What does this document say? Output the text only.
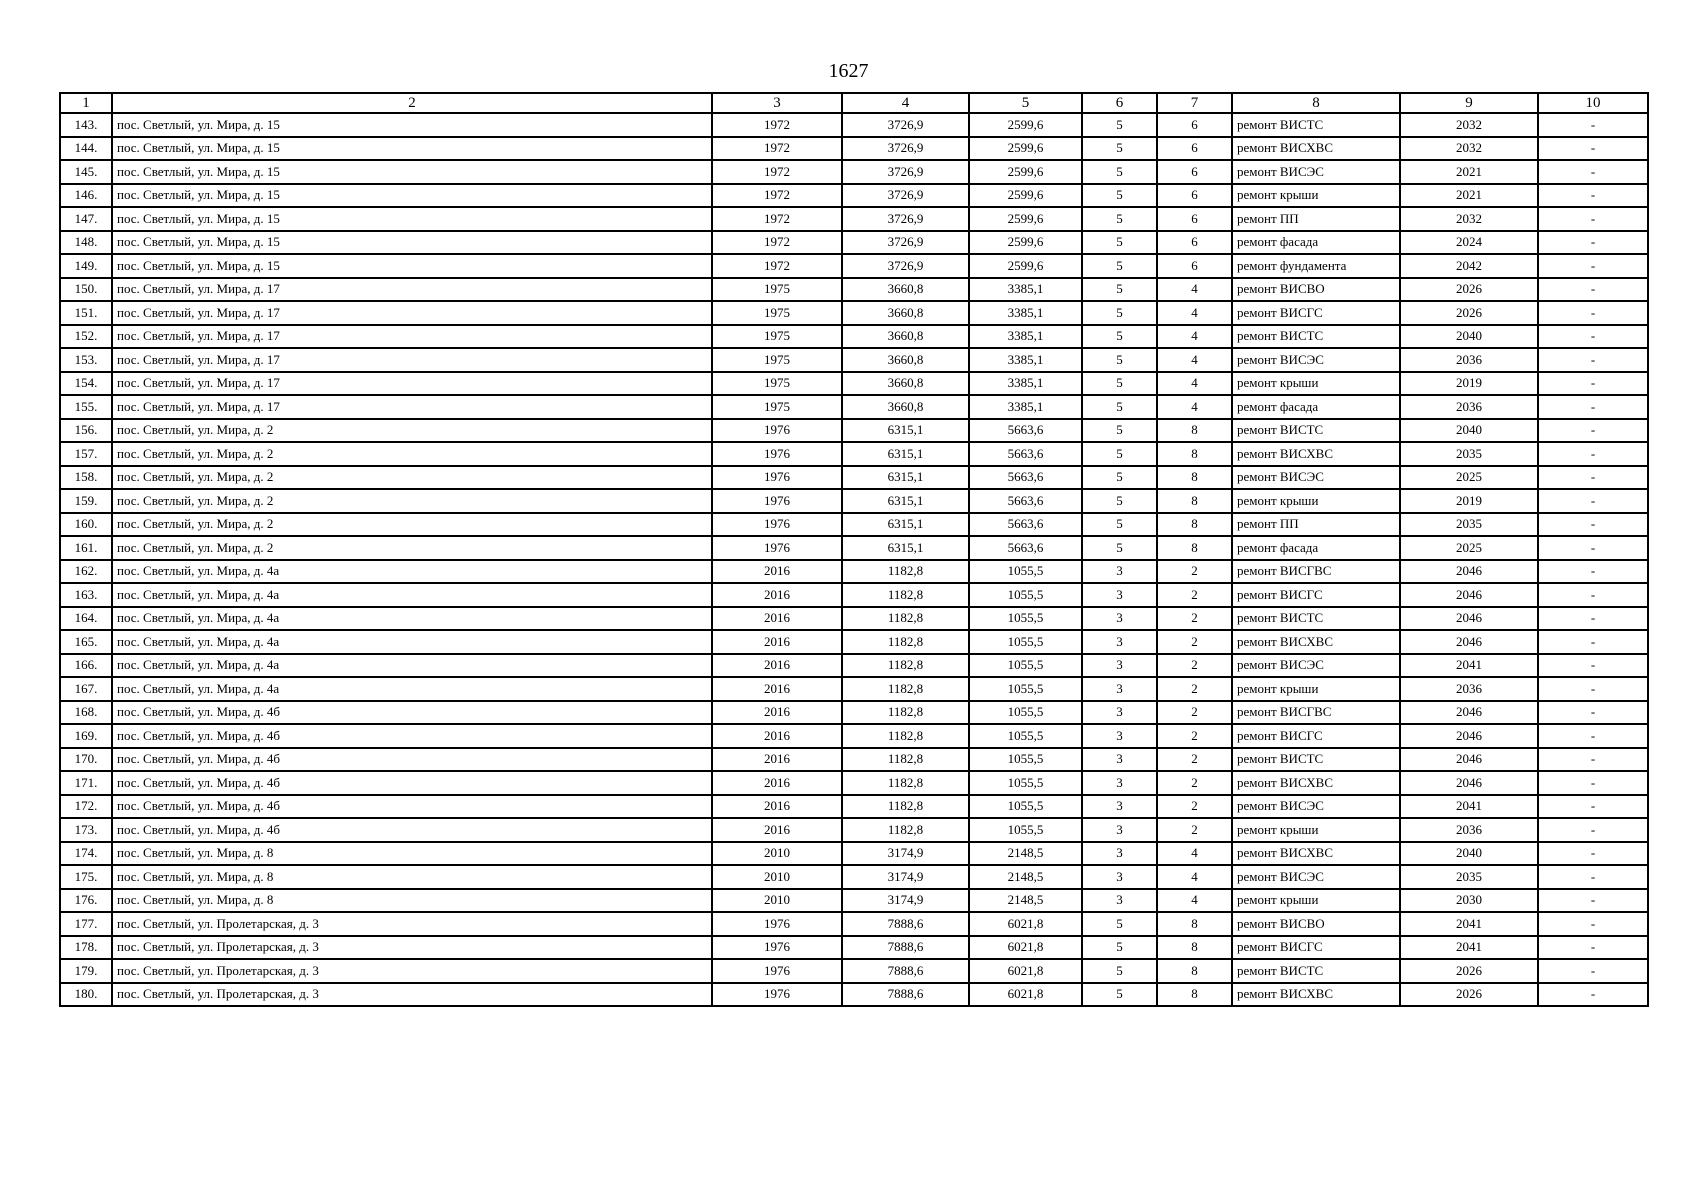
1627
1	2	3	4	5	6	7	8	9	10
143.	пос. Светлый, ул. Мира, д. 15	1972	3726,9	2599,6	5	6	ремонт ВИСТС	2032	-
144.	пос. Светлый, ул. Мира, д. 15	1972	3726,9	2599,6	5	6	ремонт ВИСХВС	2032	-
145.	пос. Светлый, ул. Мира, д. 15	1972	3726,9	2599,6	5	6	ремонт ВИСЭС	2021	-
146.	пос. Светлый, ул. Мира, д. 15	1972	3726,9	2599,6	5	6	ремонт крыши	2021	-
147.	пос. Светлый, ул. Мира, д. 15	1972	3726,9	2599,6	5	6	ремонт ПП	2032	-
148.	пос. Светлый, ул. Мира, д. 15	1972	3726,9	2599,6	5	6	ремонт фасада	2024	-
149.	пос. Светлый, ул. Мира, д. 15	1972	3726,9	2599,6	5	6	ремонт фундамента	2042	-
150.	пос. Светлый, ул. Мира, д. 17	1975	3660,8	3385,1	5	4	ремонт ВИСВО	2026	-
151.	пос. Светлый, ул. Мира, д. 17	1975	3660,8	3385,1	5	4	ремонт ВИСГС	2026	-
152.	пос. Светлый, ул. Мира, д. 17	1975	3660,8	3385,1	5	4	ремонт ВИСТС	2040	-
153.	пос. Светлый, ул. Мира, д. 17	1975	3660,8	3385,1	5	4	ремонт ВИСЭС	2036	-
154.	пос. Светлый, ул. Мира, д. 17	1975	3660,8	3385,1	5	4	ремонт крыши	2019	-
155.	пос. Светлый, ул. Мира, д. 17	1975	3660,8	3385,1	5	4	ремонт фасада	2036	-
156.	пос. Светлый, ул. Мира, д. 2	1976	6315,1	5663,6	5	8	ремонт ВИСТС	2040	-
157.	пос. Светлый, ул. Мира, д. 2	1976	6315,1	5663,6	5	8	ремонт ВИСХВС	2035	-
158.	пос. Светлый, ул. Мира, д. 2	1976	6315,1	5663,6	5	8	ремонт ВИСЭС	2025	-
159.	пос. Светлый, ул. Мира, д. 2	1976	6315,1	5663,6	5	8	ремонт крыши	2019	-
160.	пос. Светлый, ул. Мира, д. 2	1976	6315,1	5663,6	5	8	ремонт ПП	2035	-
161.	пос. Светлый, ул. Мира, д. 2	1976	6315,1	5663,6	5	8	ремонт фасада	2025	-
162.	пос. Светлый, ул. Мира, д. 4а	2016	1182,8	1055,5	3	2	ремонт ВИСГВС	2046	-
163.	пос. Светлый, ул. Мира, д. 4а	2016	1182,8	1055,5	3	2	ремонт ВИСГС	2046	-
164.	пос. Светлый, ул. Мира, д. 4а	2016	1182,8	1055,5	3	2	ремонт ВИСТС	2046	-
165.	пос. Светлый, ул. Мира, д. 4а	2016	1182,8	1055,5	3	2	ремонт ВИСХВС	2046	-
166.	пос. Светлый, ул. Мира, д. 4а	2016	1182,8	1055,5	3	2	ремонт ВИСЭС	2041	-
167.	пос. Светлый, ул. Мира, д. 4а	2016	1182,8	1055,5	3	2	ремонт крыши	2036	-
168.	пос. Светлый, ул. Мира, д. 4б	2016	1182,8	1055,5	3	2	ремонт ВИСГВС	2046	-
169.	пос. Светлый, ул. Мира, д. 4б	2016	1182,8	1055,5	3	2	ремонт ВИСГС	2046	-
170.	пос. Светлый, ул. Мира, д. 4б	2016	1182,8	1055,5	3	2	ремонт ВИСТС	2046	-
171.	пос. Светлый, ул. Мира, д. 4б	2016	1182,8	1055,5	3	2	ремонт ВИСХВС	2046	-
172.	пос. Светлый, ул. Мира, д. 4б	2016	1182,8	1055,5	3	2	ремонт ВИСЭС	2041	-
173.	пос. Светлый, ул. Мира, д. 4б	2016	1182,8	1055,5	3	2	ремонт крыши	2036	-
174.	пос. Светлый, ул. Мира, д. 8	2010	3174,9	2148,5	3	4	ремонт ВИСХВС	2040	-
175.	пос. Светлый, ул. Мира, д. 8	2010	3174,9	2148,5	3	4	ремонт ВИСЭС	2035	-
176.	пос. Светлый, ул. Мира, д. 8	2010	3174,9	2148,5	3	4	ремонт крыши	2030	-
177.	пос. Светлый, ул. Пролетарская, д. 3	1976	7888,6	6021,8	5	8	ремонт ВИСВО	2041	-
178.	пос. Светлый, ул. Пролетарская, д. 3	1976	7888,6	6021,8	5	8	ремонт ВИСГС	2041	-
179.	пос. Светлый, ул. Пролетарская, д. 3	1976	7888,6	6021,8	5	8	ремонт ВИСТС	2026	-
180.	пос. Светлый, ул. Пролетарская, д. 3	1976	7888,6	6021,8	5	8	ремонт ВИСХВС	2026	-
